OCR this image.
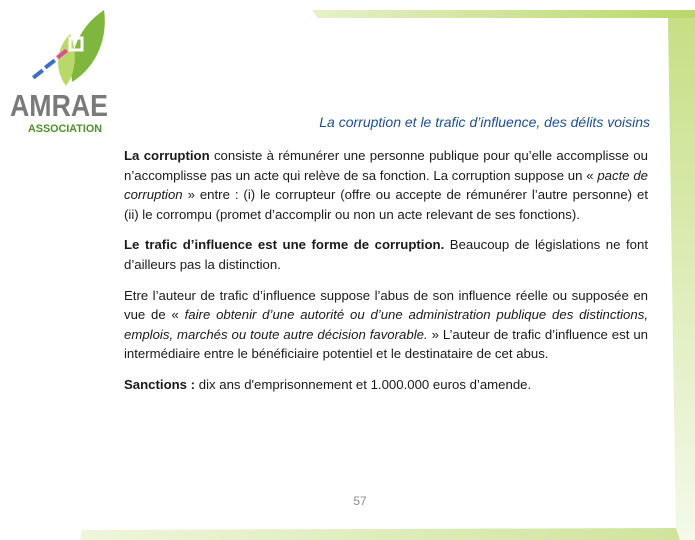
AMRAE
ASSOCIATION	La corruption et le trafic d’influence, des délits voisins

La corruption consiste à rémunérer une personne publique pour qu’elle accomplisse ou n’accomplisse pas un acte qui relève de sa fonction. La corruption suppose un « pacte de corruption » entre : (i) le corrupteur (offre ou accepte de rémunérer l’autre personne) et (ii) le corrompu (promet d’accomplir ou non un acte relevant de ses fonctions).

Le trafic d’influence est une forme de corruption. Beaucoup de législations ne font d’ailleurs pas la distinction.

Etre l’auteur de trafic d’influence suppose l’abus de son influence réelle ou supposée en vue de « faire obtenir d’une autorité ou d’une administration publique des distinctions, emplois, marchés ou toute autre décision favorable. » L’auteur de trafic d’influence est un intermédiaire entre le bénéficiaire potentiel et le destinataire de cet abus.

Sanctions : dix ans d'emprisonnement et 1.000.000 euros d’amende.

57
